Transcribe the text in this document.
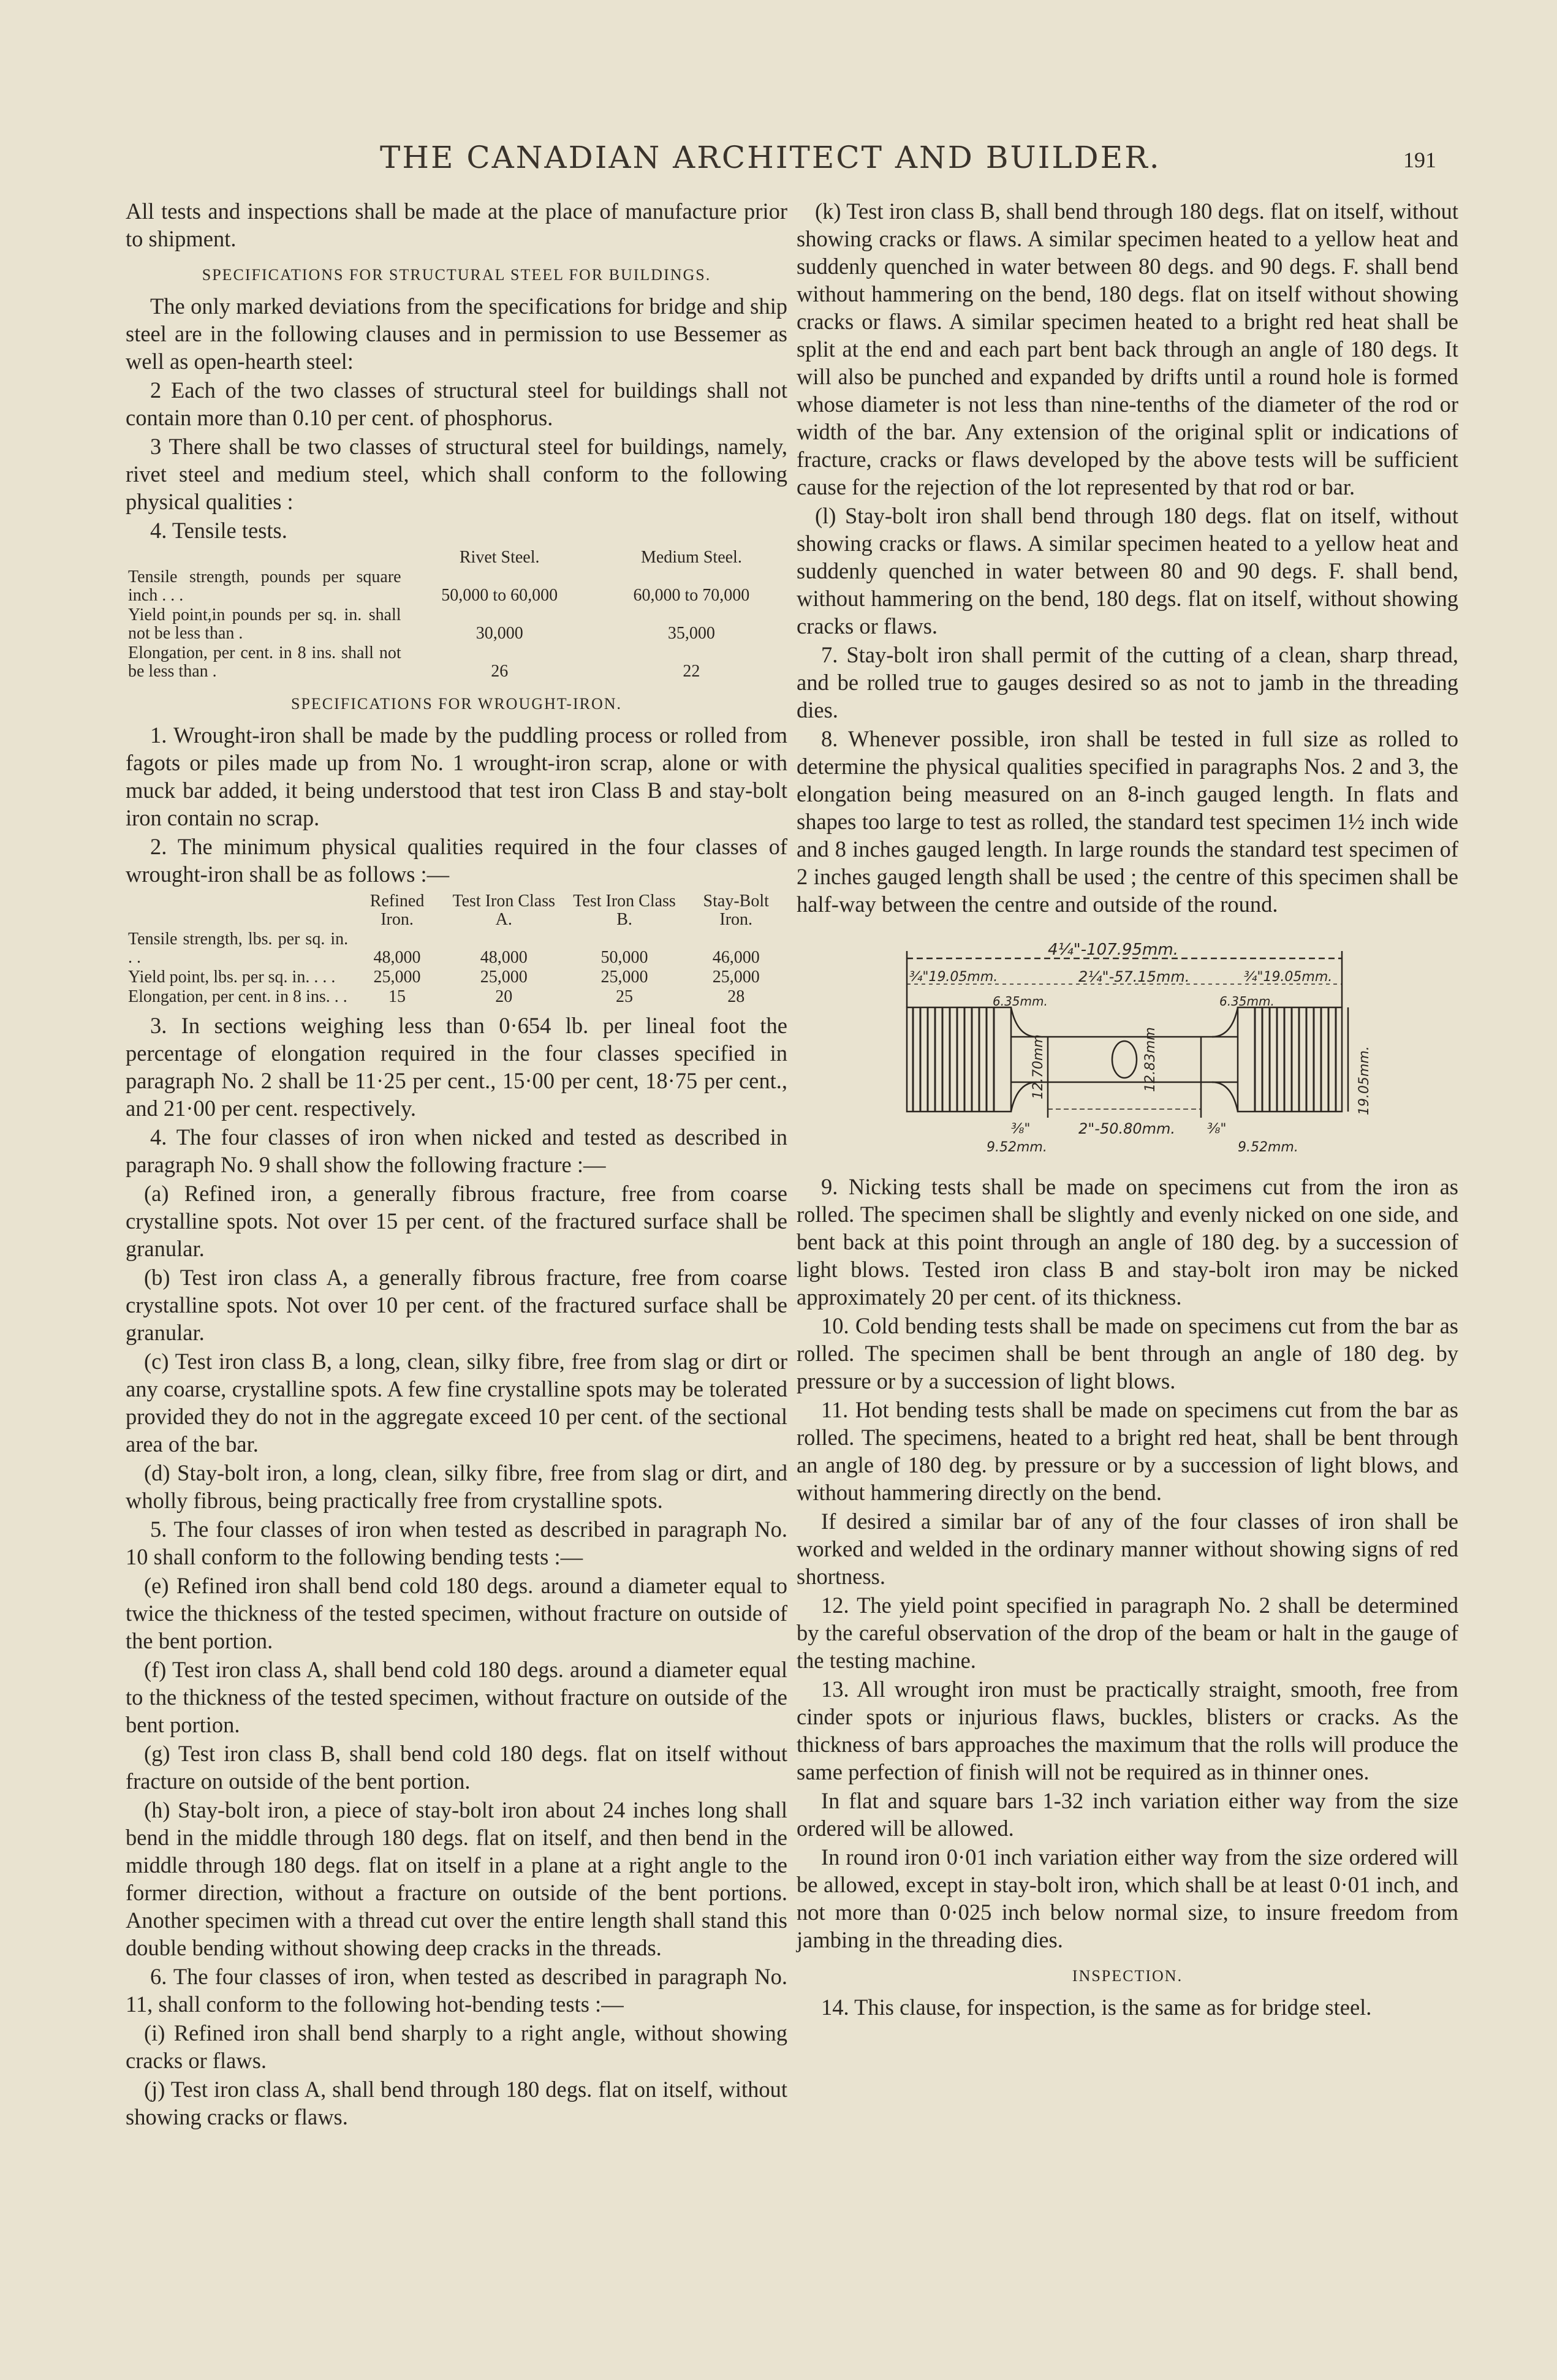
THE CANADIAN ARCHITECT AND BUILDER.	191

All tests and inspections shall be made at the place of manufacture prior to shipment.

SPECIFICATIONS FOR STRUCTURAL STEEL FOR BUILDINGS.

The only marked deviations from the specifications for bridge and ship steel are in the following clauses and in permission to use Bessemer as well as open-hearth steel:

2 Each of the two classes of structural steel for buildings shall not contain more than 0.10 per cent. of phosphorus.

3 There shall be two classes of structural steel for buildings, namely, rivet steel and medium steel, which shall conform to the following physical qualities :

4. Tensile tests.

	Rivet Steel.	Medium Steel.
Tensile strength, pounds per square inch . . .	50,000 to 60,000	60,000 to 70,000
Yield point,in pounds per sq. in. shall not be less than .	30,000	35,000
Elongation, per cent. in 8 ins. shall not be less than .	26	22
SPECIFICATIONS FOR WROUGHT-IRON.

1. Wrought-iron shall be made by the puddling process or rolled from fagots or piles made up from No. 1 wrought-iron scrap, alone or with muck bar added, it being understood that test iron Class B and stay-bolt iron contain no scrap.

2. The minimum physical qualities required in the four classes of wrought-iron shall be as follows :—

	Refined Iron.	Test Iron Class A.	Test Iron Class B.	Stay-Bolt Iron.
Tensile strength, lbs. per sq. in. . .	48,000	48,000	50,000	46,000
Yield point, lbs. per sq. in. . . .	25,000	25,000	25,000	25,000
Elongation, per cent. in 8 ins. . .	15	20	25	28

3. In sections weighing less than 0·654 lb. per lineal foot the percentage of elongation required in the four classes specified in paragraph No. 2 shall be 11·25 per cent., 15·00 per cent, 18·75 per cent., and 21·00 per cent. respectively.

4. The four classes of iron when nicked and tested as described in paragraph No. 9 shall show the following fracture :—

(a) Refined iron, a generally fibrous fracture, free from coarse crystalline spots. Not over 15 per cent. of the fractured surface shall be granular.

(b) Test iron class A, a generally fibrous fracture, free from coarse crystalline spots. Not over 10 per cent. of the fractured surface shall be granular.

(c) Test iron class B, a long, clean, silky fibre, free from slag or dirt or any coarse, crystalline spots. A few fine crystalline spots may be tolerated provided they do not in the aggregate exceed 10 per cent. of the sectional area of the bar.

(d) Stay-bolt iron, a long, clean, silky fibre, free from slag or dirt, and wholly fibrous, being practically free from crystalline spots.

5. The four classes of iron when tested as described in paragraph No. 10 shall conform to the following bending tests :—

(e) Refined iron shall bend cold 180 degs. around a diameter equal to twice the thickness of the tested specimen, without fracture on outside of the bent portion.

(f) Test iron class A, shall bend cold 180 degs. around a diameter equal to the thickness of the tested specimen, without fracture on outside of the bent portion.

(g) Test iron class B, shall bend cold 180 degs. flat on itself without fracture on outside of the bent portion.

(h) Stay-bolt iron, a piece of stay-bolt iron about 24 inches long shall bend in the middle through 180 degs. flat on itself, and then bend in the middle through 180 degs. flat on itself in a plane at a right angle to the former direction, without a fracture on outside of the bent portions. Another specimen with a thread cut over the entire length shall stand this double bending without showing deep cracks in the threads.

6. The four classes of iron, when tested as described in paragraph No. 11, shall conform to the following hot-bending tests :—

(i) Refined iron shall bend sharply to a right angle, without showing cracks or flaws.

(j) Test iron class A, shall bend through 180 degs. flat on itself, without showing cracks or flaws.

(k) Test iron class B, shall bend through 180 degs. flat on itself, without showing cracks or flaws. A similar specimen heated to a yellow heat and suddenly quenched in water between 80 degs. and 90 degs. F. shall bend without hammering on the bend, 180 degs. flat on itself without showing cracks or flaws. A similar specimen heated to a bright red heat shall be split at the end and each part bent back through an angle of 180 degs. It will also be punched and expanded by drifts until a round hole is formed whose diameter is not less than nine-tenths of the diameter of the rod or width of the bar. Any extension of the original split or indications of fracture, cracks or flaws developed by the above tests will be sufficient cause for the rejection of the lot represented by that rod or bar.

(l) Stay-bolt iron shall bend through 180 degs. flat on itself, without showing cracks or flaws. A similar specimen heated to a yellow heat and suddenly quenched in water between 80 and 90 degs. F. shall bend, without hammering on the bend, 180 degs. flat on itself, without showing cracks or flaws.

7. Stay-bolt iron shall permit of the cutting of a clean, sharp thread, and be rolled true to gauges desired so as not to jamb in the threading dies.

8. Whenever possible, iron shall be tested in full size as rolled to determine the physical qualities specified in paragraphs Nos. 2 and 3, the elongation being measured on an 8-inch gauged length. In flats and shapes too large to test as rolled, the standard test specimen 1½ inch wide and 8 inches gauged length. In large rounds the standard test specimen of 2 inches gauged length shall be used ; the centre of this specimen shall be half-way between the centre and outside of the round.

4¼"-107.95mm.
¾"19.05mm.	2¼"-57.15mm.	¾"19.05mm.
6.35mm.	6.35mm.
12.70mm	12.83mm	19.05mm.
⅜"	2"-50.80mm. ⅜"
9.52mm.	9.52mm.

9. Nicking tests shall be made on specimens cut from the iron as rolled. The specimen shall be slightly and evenly nicked on one side, and bent back at this point through an angle of 180 deg. by a succession of light blows. Tested iron class B and stay-bolt iron may be nicked approximately 20 per cent. of its thickness.

10. Cold bending tests shall be made on specimens cut from the bar as rolled. The specimen shall be bent through an angle of 180 deg. by pressure or by a succession of light blows.

11. Hot bending tests shall be made on specimens cut from the bar as rolled. The specimens, heated to a bright red heat, shall be bent through an angle of 180 deg. by pressure or by a succession of light blows, and without hammering directly on the bend.

If desired a similar bar of any of the four classes of iron shall be worked and welded in the ordinary manner without showing signs of red shortness.

12. The yield point specified in paragraph No. 2 shall be determined by the careful observation of the drop of the beam or halt in the gauge of the testing machine.

13. All wrought iron must be practically straight, smooth, free from cinder spots or injurious flaws, buckles, blisters or cracks. As the thickness of bars approaches the maximum that the rolls will produce the same perfection of finish will not be required as in thinner ones.

In flat and square bars 1-32 inch variation either way from the size ordered will be allowed.

In round iron 0·01 inch variation either way from the size ordered will be allowed, except in stay-bolt iron, which shall be at least 0·01 inch, and not more than 0·025 inch below normal size, to insure freedom from jambing in the threading dies.

INSPECTION.

14. This clause, for inspection, is the same as for bridge steel.
